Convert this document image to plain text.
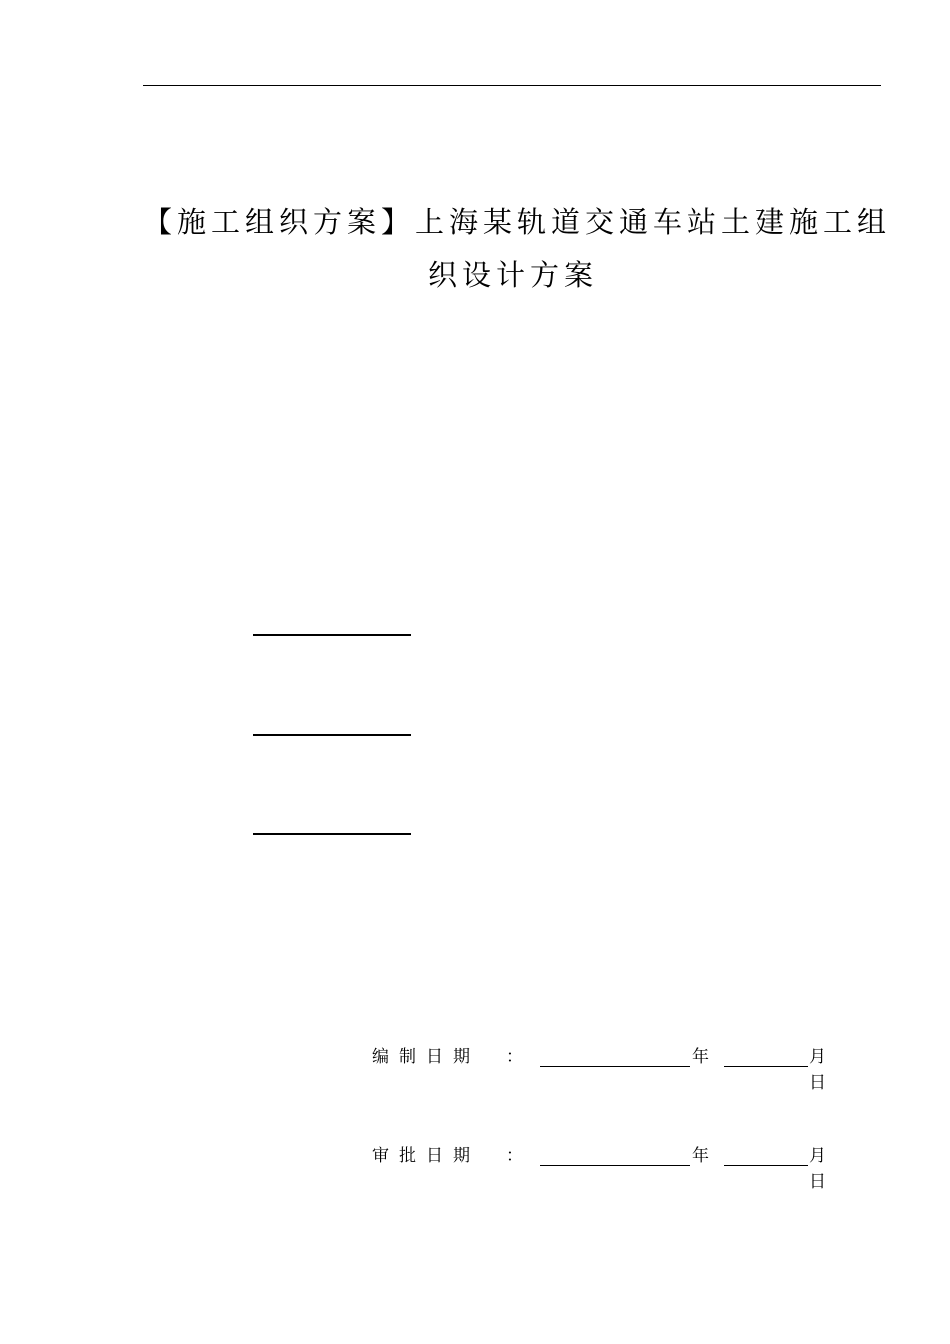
【施工组织方案】上海某轨道交通车站土建施工组
织设计方案
编制日期 ：	年	月
日
审批日期 ：	年	月
日
